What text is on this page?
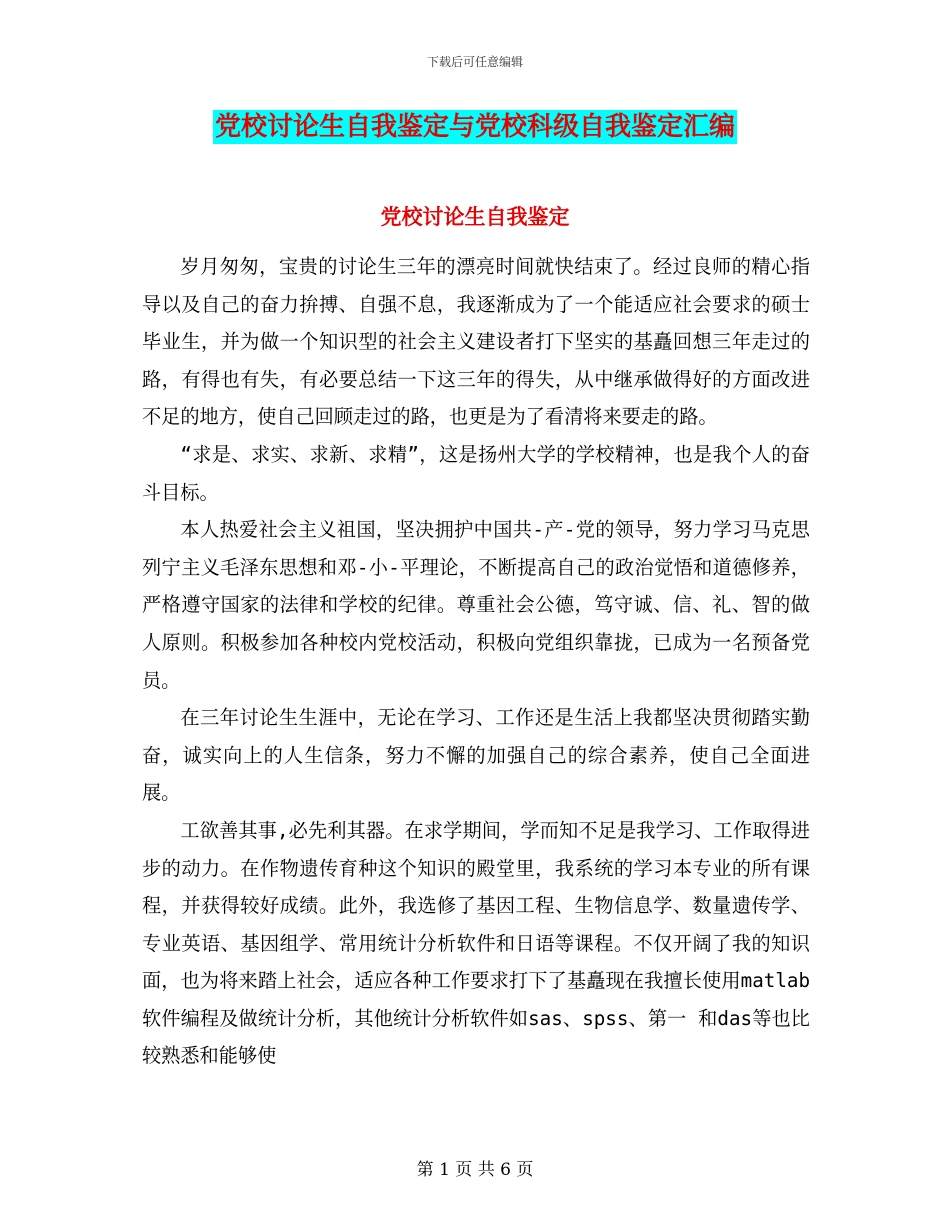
下载后可任意编辑
党校讨论生自我鉴定与党校科级自我鉴定汇编
党校讨论生自我鉴定

岁月匆匆，宝贵的讨论生三年的漂亮时间就快结束了。经过良师的精心指导以及自己的奋力拚搏、自强不息，我逐渐成为了一个能适应社会要求的硕士毕业生，并为做一个知识型的社会主义建设者打下坚实的基矗回想三年走过的路，有得也有失，有必要总结一下这三年的得失，从中继承做得好的方面改进不足的地方，使自己回顾走过的路，也更是为了看清将来要走的路。

“求是、求实、求新、求精”，这是扬州大学的学校精神，也是我个人的奋斗目标。

本人热爱社会主义祖国，坚决拥护中国共-产-党的领导，努力学习马克思列宁主义毛泽东思想和邓-小-平理论，不断提高自己的政治觉悟和道德修养，严格遵守国家的法律和学校的纪律。尊重社会公德，笃守诚、信、礼、智的做人原则。积极参加各种校内党校活动，积极向党组织靠拢，已成为一名预备党员。

在三年讨论生生涯中，无论在学习、工作还是生活上我都坚决贯彻踏实勤奋，诚实向上的人生信条，努力不懈的加强自己的综合素养，使自己全面进展。

工欲善其事,必先利其器。在求学期间，学而知不足是我学习、工作取得进步的动力。在作物遗传育种这个知识的殿堂里，我系统的学习本专业的所有课程，并获得较好成绩。此外，我选修了基因工程、生物信息学、数量遗传学、专业英语、基因组学、常用统计分析软件和日语等课程。不仅开阔了我的知识面，也为将来踏上社会，适应各种工作要求打下了基矗现在我擅长使用matlab软件编程及做统计分析，其他统计分析软件如sas、spss、第一 和das等也比较熟悉和能够使

第 1 页 共 6 页
